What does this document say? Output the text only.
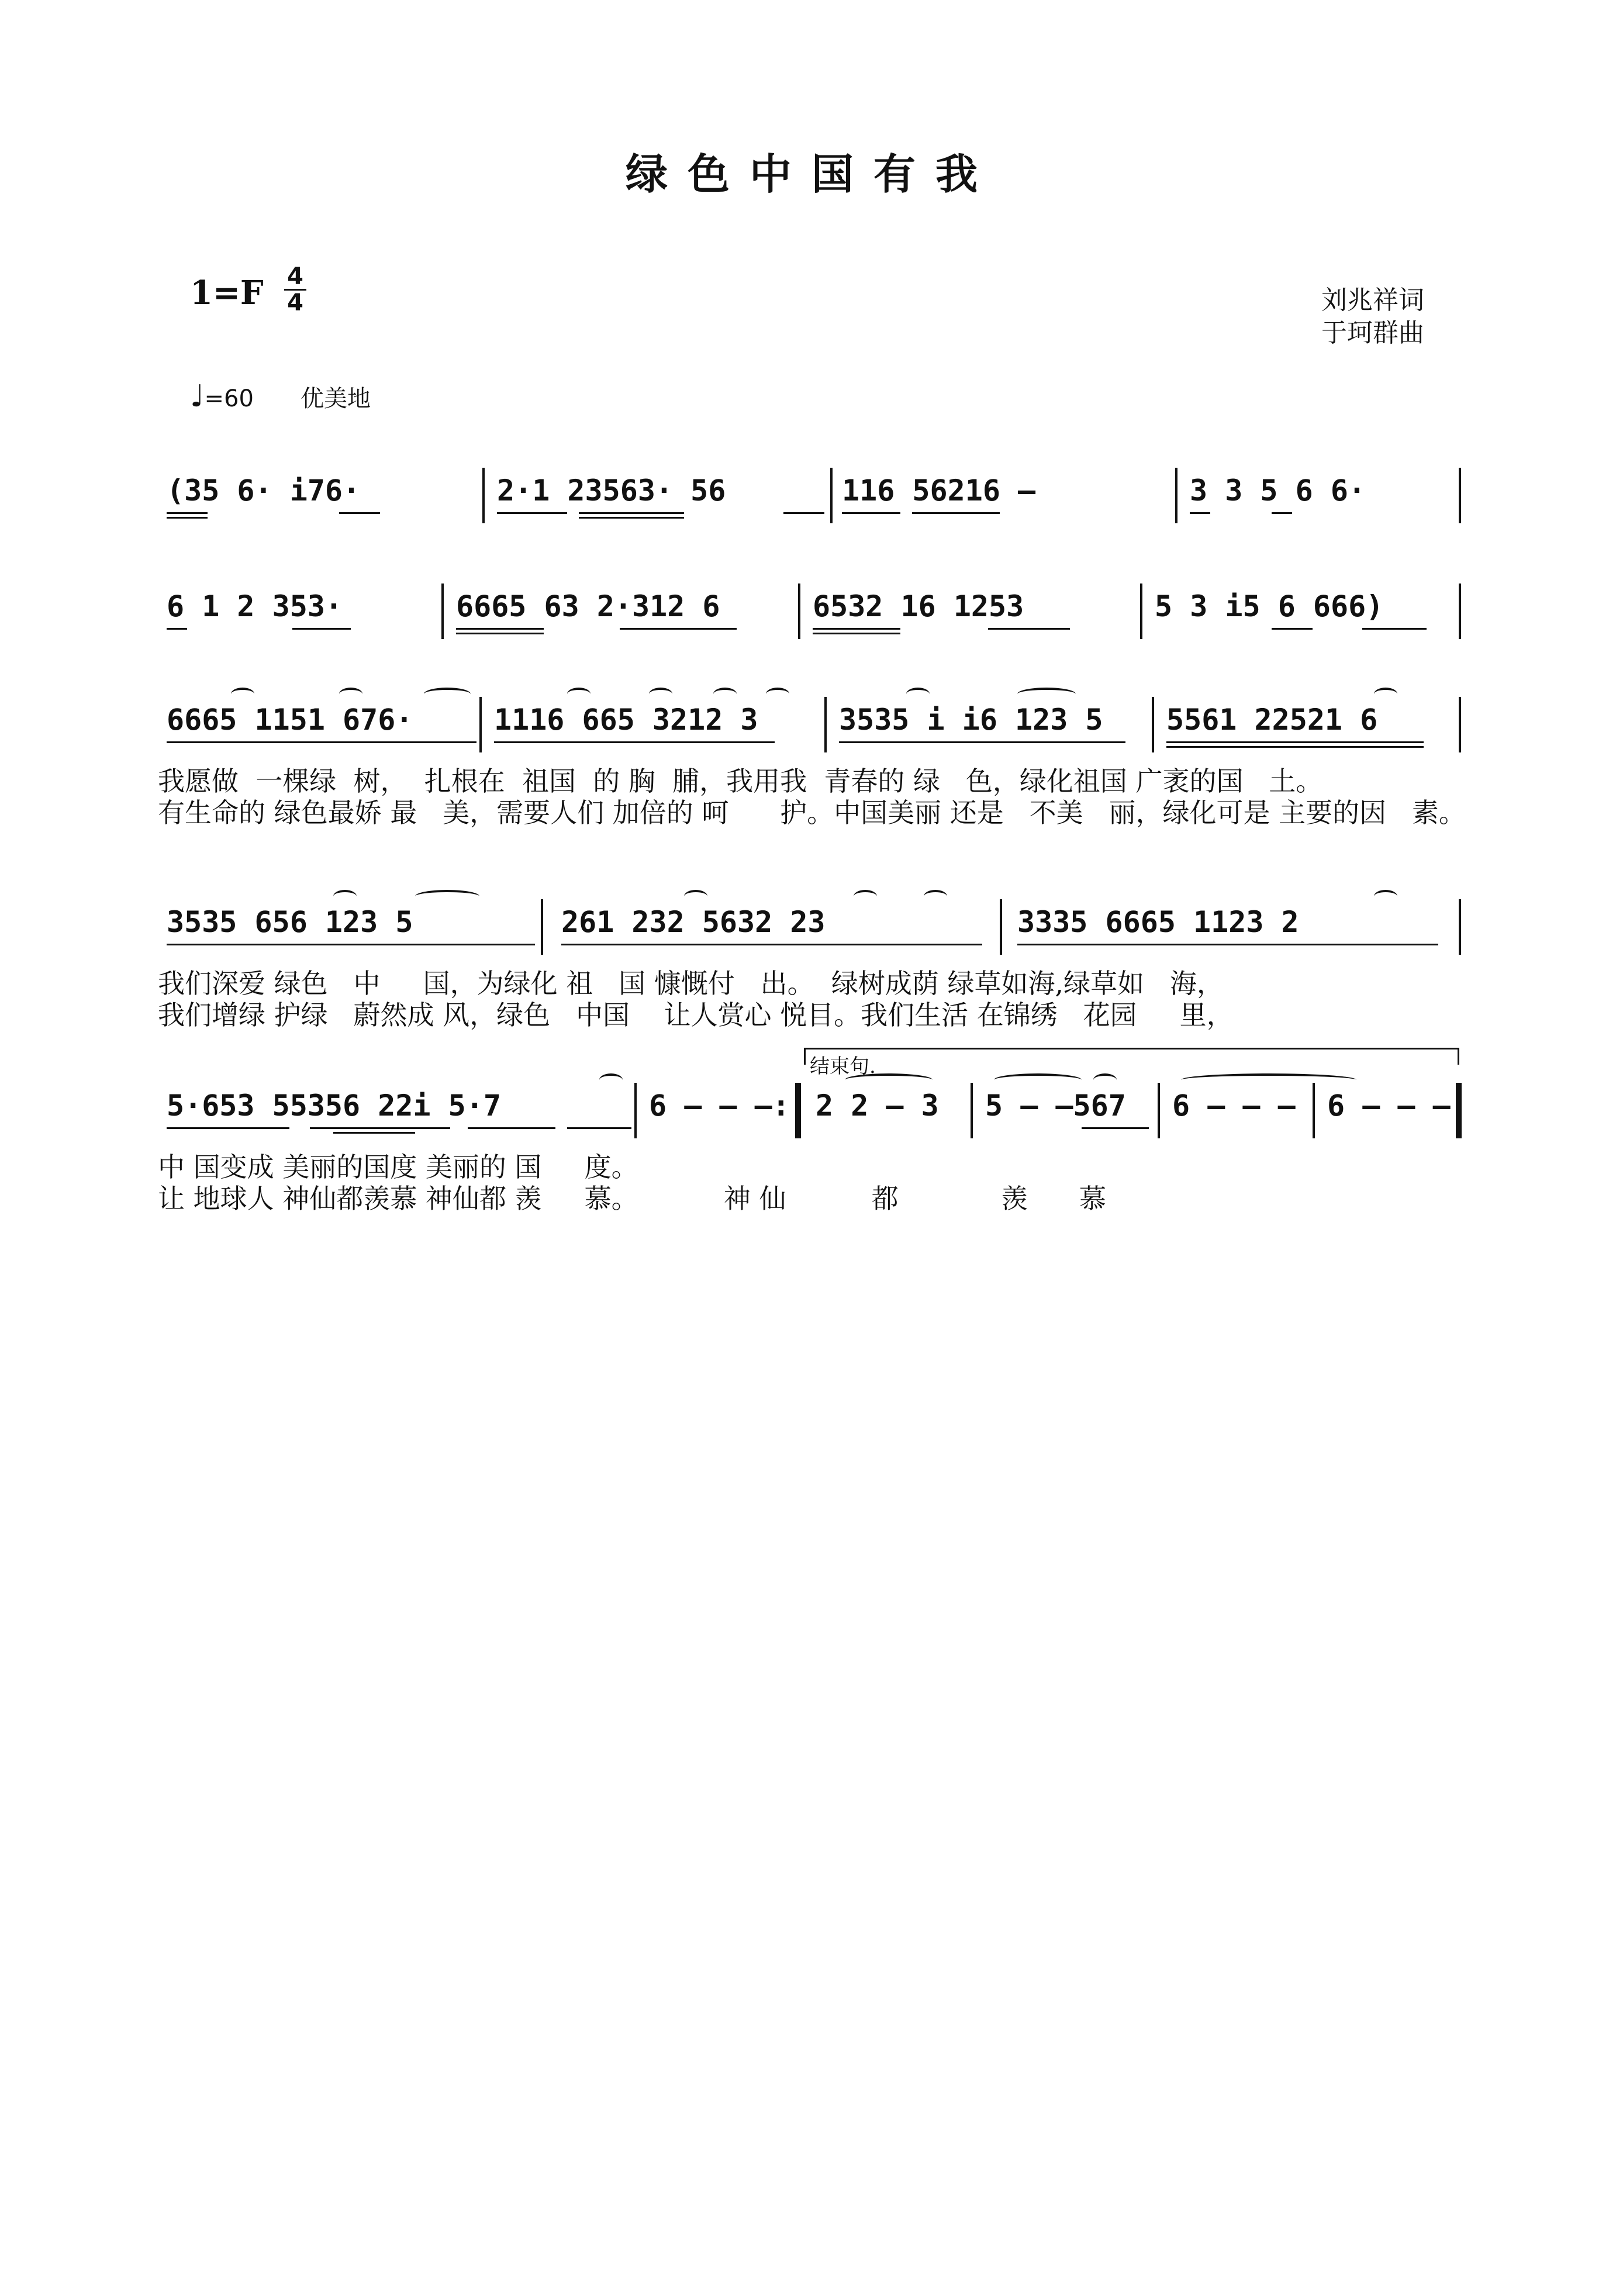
绿色中国有我
1=F 4
4	刘兆祥词
于珂群曲
♩=60 优美地
(35 6· i76·	2·1 23563· 56	116 56216 –	3 3 5 6 6·
6 1 2 353·	6665 63 2·312 6	6532 16 1253	5 3 i5 6 666)
6665 1151 676·	1116 665 3212 3	3535 i i6 123 5 5561 22521 6
我愿做  一棵绿  树，  扎根在  祖国  的 胸  脯，我用我  青春的 绿   色，绿化祖国 广袤的国   土。
有生命的 绿色最娇 最   美，需要人们 加倍的 呵      护。中国美丽 还是   不美   丽，绿化可是 主要的因   素。
3535 656 123 5	261 232 5632 23	3335 6665 1123 2
我们深爱 绿色   中     国，为绿化 祖   国 慷慨付   出。  绿树成荫 绿草如海,绿草如   海，
我们增绿 护绿   蔚然成 风，绿色   中国    让人赏心 悦目。我们生活 在锦绣   花园     里，
结束句.
5·653 55356 22i 5·7	6 – – –: 2 2 – 3 5 – –567 6 – – – 6 – – –
中 国变成 美丽的国度 美丽的 国     度。
让 地球人 神仙都羡慕 神仙都 羡     慕。          神 仙          都            羡      慕
